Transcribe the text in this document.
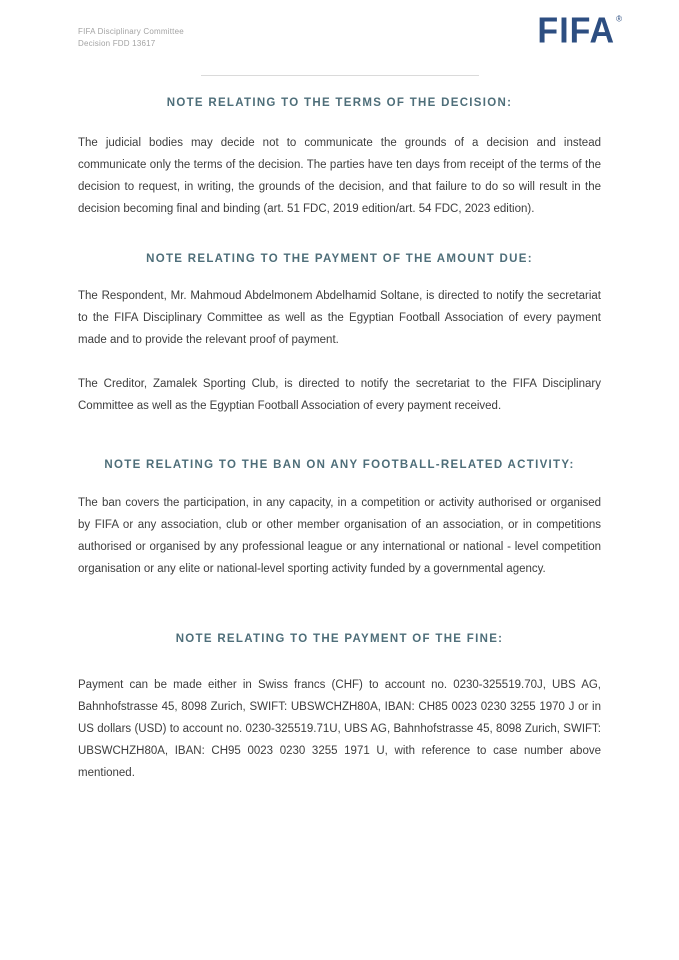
FIFA Disciplinary Committee
Decision FDD 13617	FIFA®
NOTE RELATING TO THE TERMS OF THE DECISION:

The judicial bodies may decide not to communicate the grounds of a decision and instead communicate only the terms of the decision. The parties have ten days from receipt of the terms of the decision to request, in writing, the grounds of the decision, and that failure to do so will result in the decision becoming final and binding (art. 51 FDC, 2019 edition/art. 54 FDC, 2023 edition).

NOTE RELATING TO THE PAYMENT OF THE AMOUNT DUE:

The Respondent, Mr. Mahmoud Abdelmonem Abdelhamid Soltane, is directed to notify the secretariat to the FIFA Disciplinary Committee as well as the Egyptian Football Association of every payment made and to provide the relevant proof of payment.

The Creditor, Zamalek Sporting Club, is directed to notify the secretariat to the FIFA Disciplinary Committee as well as the Egyptian Football Association of every payment received.

NOTE RELATING TO THE BAN ON ANY FOOTBALL-RELATED ACTIVITY:

The ban covers the participation, in any capacity, in a competition or activity authorised or organised by FIFA or any association, club or other member organisation of an association, or in competitions authorised or organised by any professional league or any international or national - level competition organisation or any elite or national-level sporting activity funded by a governmental agency.

NOTE RELATING TO THE PAYMENT OF THE FINE:

Payment can be made either in Swiss francs (CHF) to account no. 0230-325519.70J, UBS AG, Bahnhofstrasse 45, 8098 Zurich, SWIFT: UBSWCHZH80A, IBAN: CH85 0023 0230 3255 1970 J or in US dollars (USD) to account no. 0230-325519.71U, UBS AG, Bahnhofstrasse 45, 8098 Zurich, SWIFT: UBSWCHZH80A, IBAN: CH95 0023 0230 3255 1971 U, with reference to case number above mentioned.
